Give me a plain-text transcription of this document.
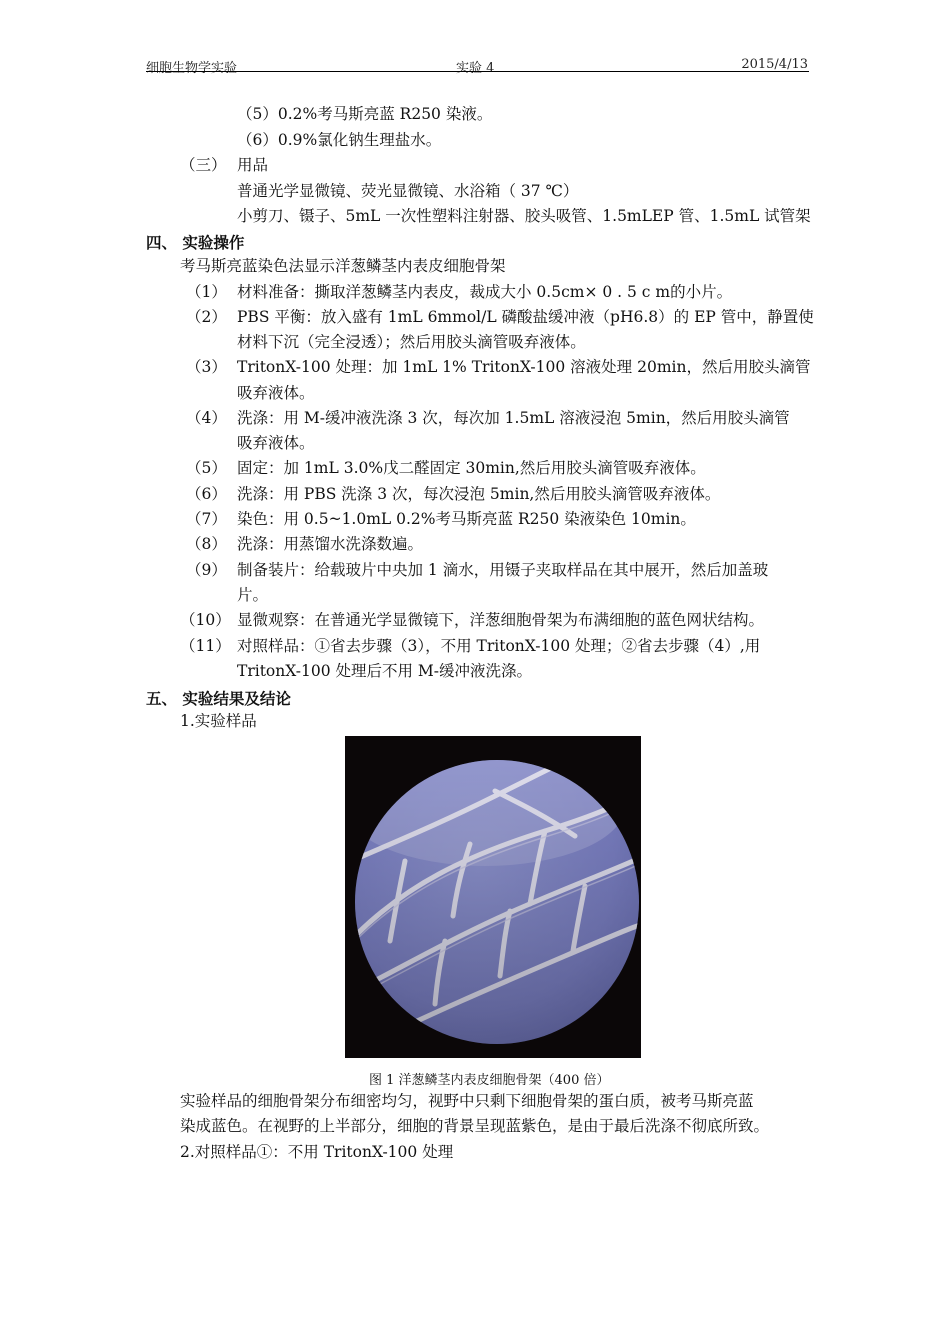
细胞生物学实验	实验 4	2015/4/13
（5）0.2%考马斯亮蓝 R250 染液。
（6）0.9%氯化钠生理盐水。
（三） 用品
普通光学显微镜、荧光显微镜、水浴箱（ 37 ℃）
小剪刀、镊子、5mL 一次性塑料注射器、胶头吸管、1.5mLEP 管、1.5mL 试管架
四、 实验操作
考马斯亮蓝染色法显示洋葱鳞茎内表皮细胞骨架
（1） 材料准备：撕取洋葱鳞茎内表皮，裁成大小 0.5cm× 0 . 5 c m的小片。
（2） PBS 平衡：放入盛有 1mL 6mmol/L 磷酸盐缓冲液（pH6.8）的 EP 管中，静置使
材料下沉（完全浸透）；然后用胶头滴管吸弃液体。
（3） TritonX-100 处理：加 1mL 1% TritonX-100 溶液处理 20min，然后用胶头滴管
吸弃液体。
（4） 洗涤：用 M-缓冲液洗涤 3 次，每次加 1.5mL 溶液浸泡 5min，然后用胶头滴管
吸弃液体。
（5） 固定：加 1mL 3.0%戊二醛固定 30min,然后用胶头滴管吸弃液体。
（6） 洗涤：用 PBS 洗涤 3 次，每次浸泡 5min,然后用胶头滴管吸弃液体。
（7） 染色：用 0.5~1.0mL 0.2%考马斯亮蓝 R250 染液染色 10min。
（8） 洗涤：用蒸馏水洗涤数遍。
（9） 制备装片：给载玻片中央加 1 滴水，用镊子夹取样品在其中展开，然后加盖玻
片。
（10） 显微观察：在普通光学显微镜下，洋葱细胞骨架为布满细胞的蓝色网状结构。
（11） 对照样品：①省去步骤（3），不用 TritonX-100 处理；②省去步骤（4）,用
TritonX-100 处理后不用 M-缓冲液洗涤。
五、 实验结果及结论
1.实验样品
图 1 洋葱鳞茎内表皮细胞骨架（400 倍）
实验样品的细胞骨架分布细密均匀，视野中只剩下细胞骨架的蛋白质，被考马斯亮蓝
染成蓝色。在视野的上半部分，细胞的背景呈现蓝紫色，是由于最后洗涤不彻底所致。
2.对照样品①：不用 TritonX-100 处理
